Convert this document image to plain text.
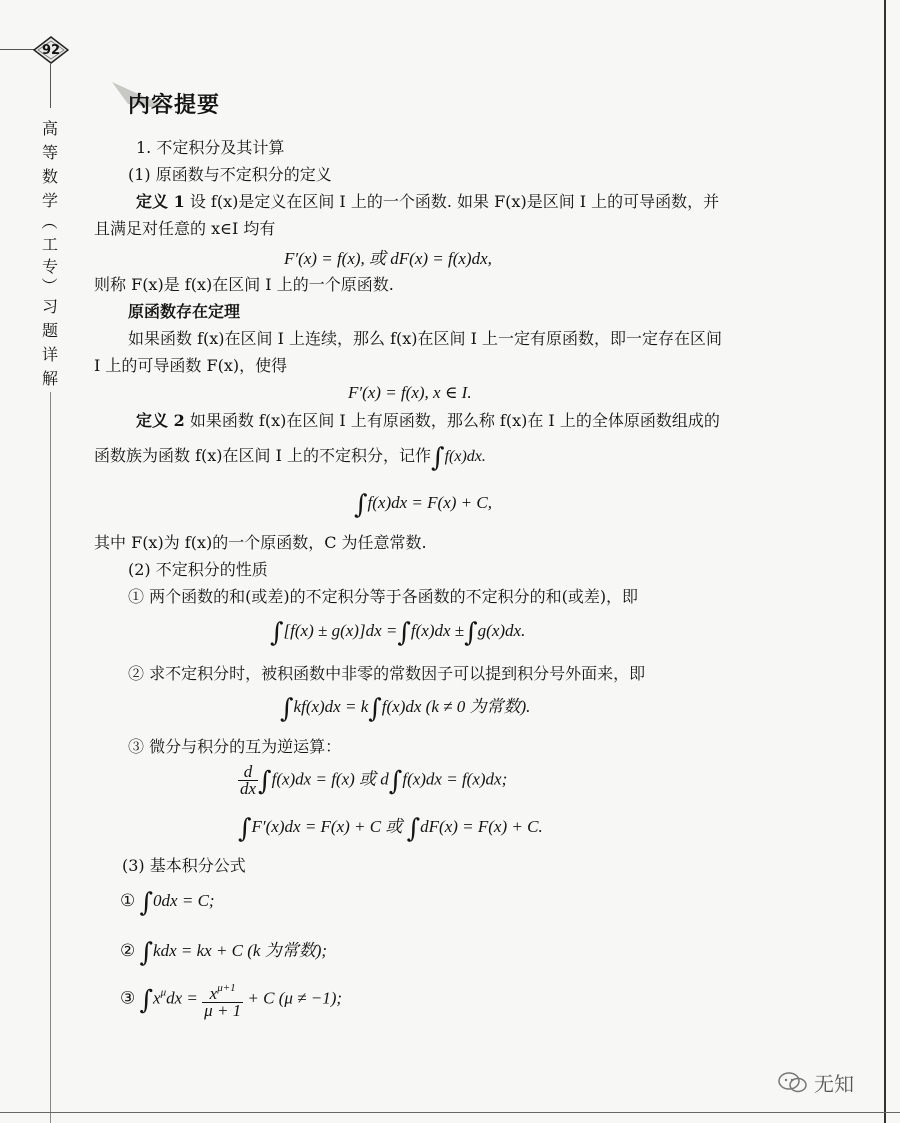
92
高
等
数
学
（
工
专
）
习
题
详
解
内容提要
1. 不定积分及其计算
(1) 原函数与不定积分的定义
定义 1 设 f(x)是定义在区间 I 上的一个函数. 如果 F(x)是区间 I 上的可导函数，并
且满足对任意的 x∈I 均有
F′(x) = f(x), 或 dF(x) = f(x)dx,
则称 F(x)是 f(x)在区间 I 上的一个原函数.
原函数存在定理
如果函数 f(x)在区间 I 上连续，那么 f(x)在区间 I 上一定有原函数，即一定存在区间
I 上的可导函数 F(x)，使得
F′(x) = f(x), x ∈ I.
定义 2 如果函数 f(x)在区间 I 上有原函数，那么称 f(x)在 I 上的全体原函数组成的
函数族为函数 f(x)在区间 I 上的不定积分，记作∫f(x)dx.
∫f(x)dx = F(x) + C,
其中 F(x)为 f(x)的一个原函数，C 为任意常数.
(2) 不定积分的性质
① 两个函数的和(或差)的不定积分等于各函数的不定积分的和(或差)，即
∫[f(x) ± g(x)]dx =∫f(x)dx ±∫g(x)dx.
② 求不定积分时，被积函数中非零的常数因子可以提到积分号外面来，即
∫kf(x)dx = k∫f(x)dx (k ≠ 0 为常数).
③ 微分与积分的互为逆运算：
$\frac{d}{dx} \int f(x)dx = f(x)$ 或 d∫f(x)dx = f(x)dx;
∫F′(x)dx = F(x) + C 或 ∫dF(x) = F(x) + C.
(3) 基本积分公式
① ∫0dx = C;
② ∫kdx = kx + C (k 为常数);
③ $\int x^\mu dx = \frac{x^{\mu+1}}{\mu + 1} + C$ (μ ≠ −1);
无知
